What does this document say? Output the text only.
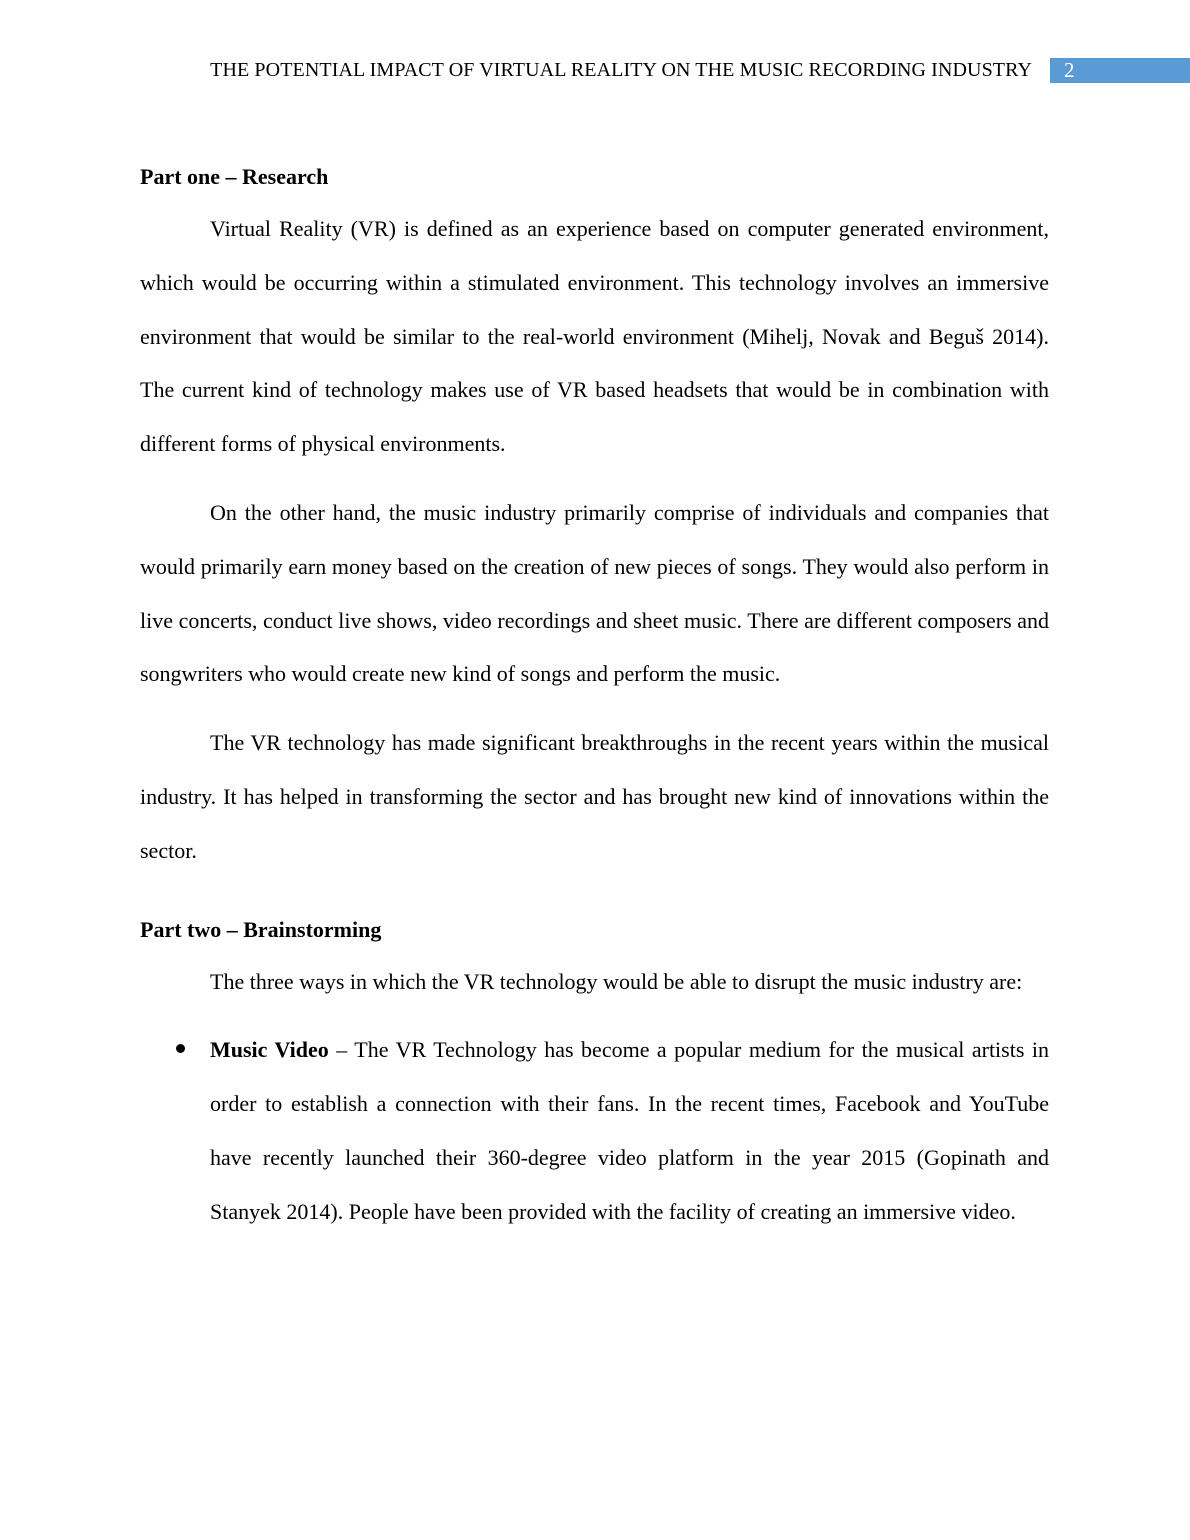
THE POTENTIAL IMPACT OF VIRTUAL REALITY ON THE MUSIC RECORDING INDUSTRY 2
Part one – Research

Virtual Reality (VR) is defined as an experience based on computer generated environment, which would be occurring within a stimulated environment. This technology involves an immersive environment that would be similar to the real-world environment (Mihelj, Novak and Beguš 2014). The current kind of technology makes use of VR based headsets that would be in combination with different forms of physical environments.

On the other hand, the music industry primarily comprise of individuals and companies that would primarily earn money based on the creation of new pieces of songs. They would also perform in live concerts, conduct live shows, video recordings and sheet music. There are different composers and songwriters who would create new kind of songs and perform the music.

The VR technology has made significant breakthroughs in the recent years within the musical industry. It has helped in transforming the sector and has brought new kind of innovations within the sector.

Part two – Brainstorming

The three ways in which the VR technology would be able to disrupt the music industry are:

Music Video – The VR Technology has become a popular medium for the musical artists in order to establish a connection with their fans. In the recent times, Facebook and YouTube have recently launched their 360-degree video platform in the year 2015 (Gopinath and Stanyek 2014). People have been provided with the facility of creating an immersive video.
